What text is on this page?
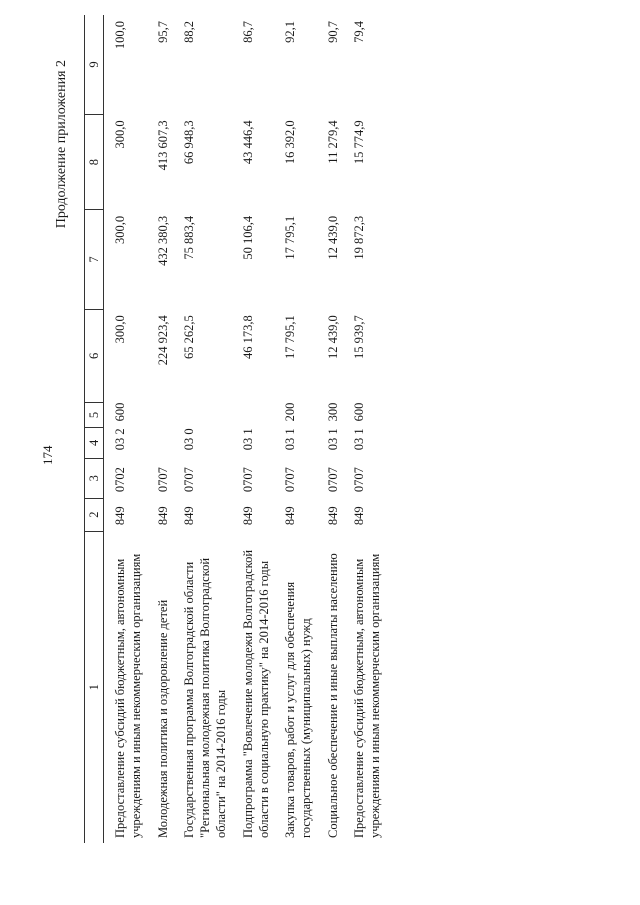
174
Продолжение приложения 2
1	2	3	4	5	6	7	8	9
Предоставление субсидий бюджетным, автономным учреждениям и иным некоммерческим организациям	849	0702	03 2	600	300,0	300,0	300,0	100,0
Молодежная политика и оздоровление детей	849	0707			224 923,4	432 380,3	413 607,3	95,7
Государственная программа Волгоградской области "Региональная молодежная политика Волгоградской области" на 2014-2016 годы	849	0707	03 0		65 262,5	75 883,4	66 948,3	88,2
Подпрограмма "Вовлечение молодежи Волгоградской области в социальную практику" на 2014-2016 годы	849	0707	03 1		46 173,8	50 106,4	43 446,4	86,7
Закупка товаров, работ и услуг для обеспечения государственных (муниципальных) нужд	849	0707	03 1	200	17 795,1	17 795,1	16 392,0	92,1
Социальное обеспечение и иные выплаты населению	849	0707	03 1	300	12 439,0	12 439,0	11 279,4	90,7
Предоставление субсидий бюджетным, автономным учреждениям и иным некоммерческим организациям	849	0707	03 1	600	15 939,7	19 872,3	15 774,9	79,4
